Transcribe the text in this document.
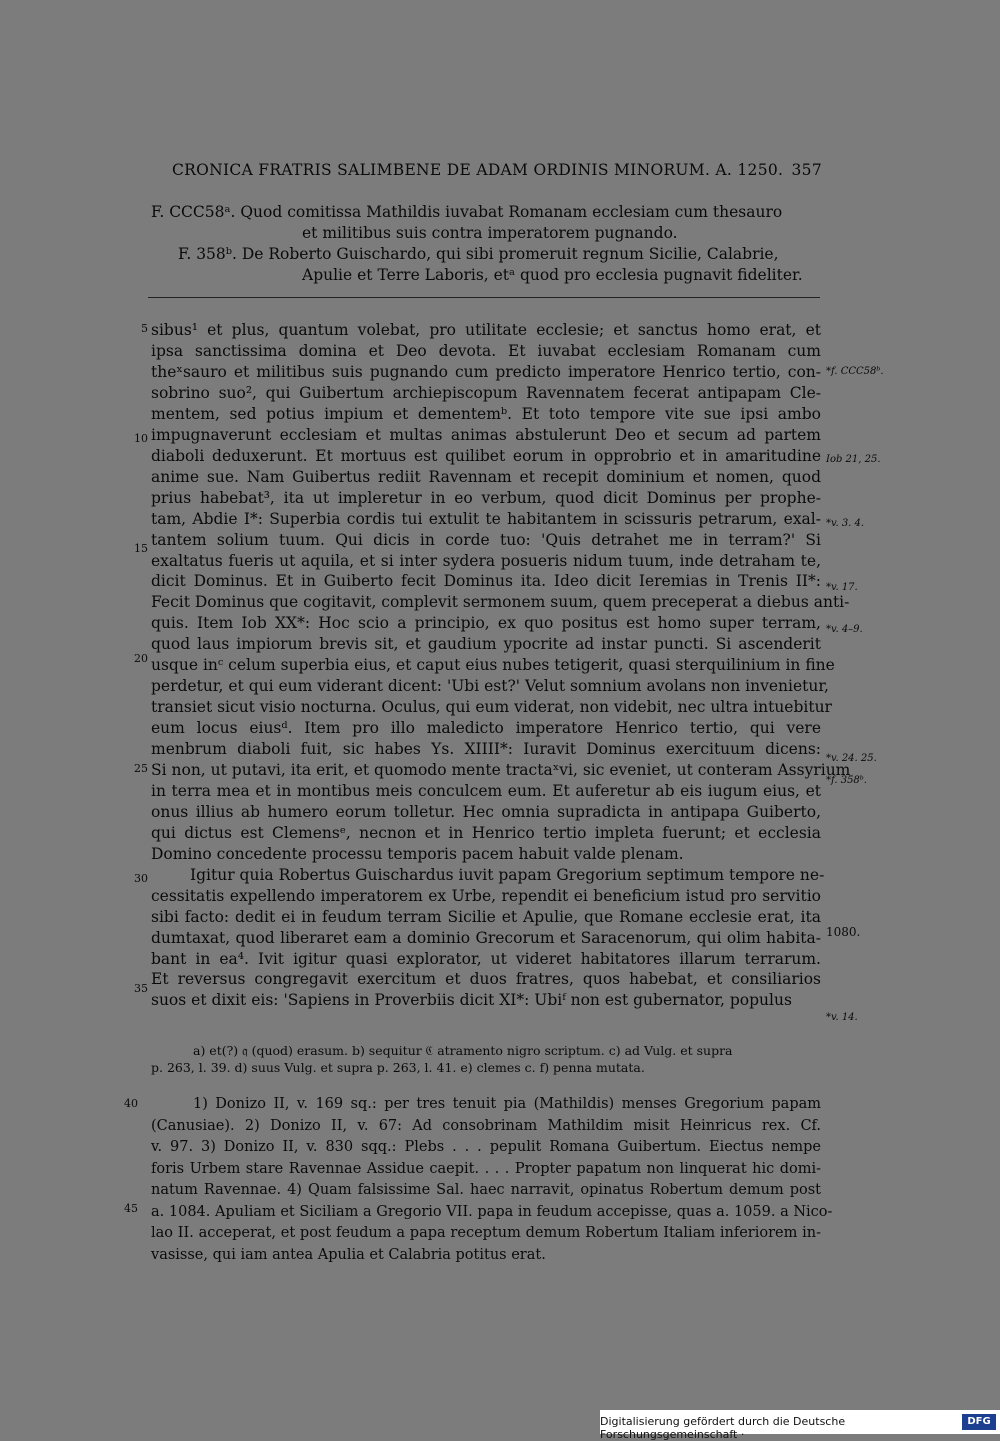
CRONICA FRATRIS SALIMBENE DE ADAM ORDINIS MINORUM. A. 1250. 357
F. CCC58ᵃ. Quod comitissa Mathildis iuvabat Romanam ecclesiam cum thesauro
et militibus suis contra imperatorem pugnando.
F. 358ᵇ. De Roberto Guischardo, qui sibi promeruit regnum Sicilie, Calabrie,
Apulie et Terre Laboris, etᵃ quod pro ecclesia pugnavit fideliter.
sibus¹ et plus, quantum volebat, pro utilitate ecclesie; et sanctus homo erat, et
ipsa sanctissima domina et Deo devota. Et iuvabat ecclesiam Romanam cum
theˣsauro et militibus suis pugnando cum predicto imperatore Henrico tertio, con-
sobrino suo², qui Guibertum archiepiscopum Ravennatem fecerat antipapam Cle-
mentem, sed potius impium et dementemᵇ. Et toto tempore vite sue ipsi ambo
impugnaverunt ecclesiam et multas animas abstulerunt Deo et secum ad partem
diaboli deduxerunt. Et mortuus est quilibet eorum in opprobrio et in amaritudine
anime sue. Nam Guibertus rediit Ravennam et recepit dominium et nomen, quod
prius habebat³, ita ut impleretur in eo verbum, quod dicit Dominus per prophe-
tam, Abdie I*: Superbia cordis tui extulit te habitantem in scissuris petrarum, exal-
tantem solium tuum. Qui dicis in corde tuo: 'Quis detrahet me in terram?' Si
exaltatus fueris ut aquila, et si inter sydera posueris nidum tuum, inde detraham te,
dicit Dominus. Et in Guiberto fecit Dominus ita. Ideo dicit Ieremias in Trenis II*:
Fecit Dominus que cogitavit, complevit sermonem suum, quem preceperat a diebus anti-
quis. Item Iob XX*: Hoc scio a principio, ex quo positus est homo super terram,
quod laus impiorum brevis sit, et gaudium ypocrite ad instar puncti. Si ascenderit
usque inᶜ celum superbia eius, et caput eius nubes tetigerit, quasi sterquilinium in fine
perdetur, et qui eum viderant dicent: 'Ubi est?' Velut somnium avolans non invenietur,
transiet sicut visio nocturna. Oculus, qui eum viderat, non videbit, nec ultra intuebitur
eum locus eiusᵈ. Item pro illo maledicto imperatore Henrico tertio, qui vere
menbrum diaboli fuit, sic habes Ys. XIIII*: Iuravit Dominus exercituum dicens:
Si non, ut putavi, ita erit, et quomodo mente tractaˣvi, sic eveniet, ut conteram Assyrium
in terra mea et in montibus meis conculcem eum. Et auferetur ab eis iugum eius, et
onus illius ab humero eorum tolletur. Hec omnia supradicta in antipapa Guiberto,
qui dictus est Clemensᵉ, necnon et in Henrico tertio impleta fuerunt; et ecclesia
Domino concedente processu temporis pacem habuit valde plenam.
Igitur quia Robertus Guischardus iuvit papam Gregorium septimum tempore ne-
cessitatis expellendo imperatorem ex Urbe, rependit ei beneficium istud pro servitio
sibi facto: dedit ei in feudum terram Sicilie et Apulie, que Romane ecclesie erat, ita
dumtaxat, quod liberaret eam a dominio Grecorum et Saracenorum, qui olim habita-
bant in ea⁴. Ivit igitur quasi explorator, ut videret habitatores illarum terrarum.
Et reversus congregavit exercitum et duos fratres, quos habebat, et consiliarios
suos et dixit eis: 'Sapiens in Proverbiis dicit XI*: Ubiᶠ non est gubernator, populus
5
10
15
20
25
30
35
*f. CCC58ᵇ.
Iob 21, 25.
*v. 3. 4.
*v. 17.
*v. 4–9.
*v. 24. 25.
*f. 358ᵇ.
1080.
*v. 14.
a) et(?) 𝔮 (quod) erasum. b) sequitur ℭ atramento nigro scriptum. c) ad Vulg. et supra
p. 263, l. 39. d) suus Vulg. et supra p. 263, l. 41. e) clemes c. f) penna mutata.
40
45
1) Donizo II, v. 169 sq.: per tres tenuit pia (Mathildis) menses Gregorium papam
(Canusiae). 2) Donizo II, v. 67: Ad consobrinam Mathildim misit Heinricus rex. Cf.
v. 97. 3) Donizo II, v. 830 sqq.: Plebs . . . pepulit Romana Guibertum. Eiectus nempe
foris Urbem stare Ravennae Assidue caepit. . . . Propter papatum non linquerat hic domi-
natum Ravennae. 4) Quam falsissime Sal. haec narravit, opinatus Robertum demum post
a. 1084. Apuliam et Siciliam a Gregorio VII. papa in feudum accepisse, quas a. 1059. a Nico-
lao II. acceperat, et post feudum a papa receptum demum Robertum Italiam inferiorem in-
vasisse, qui iam antea Apulia et Calabria potitus erat.
Digitalisierung gefördert durch die Deutsche Forschungsgemeinschaft ·
DFG
